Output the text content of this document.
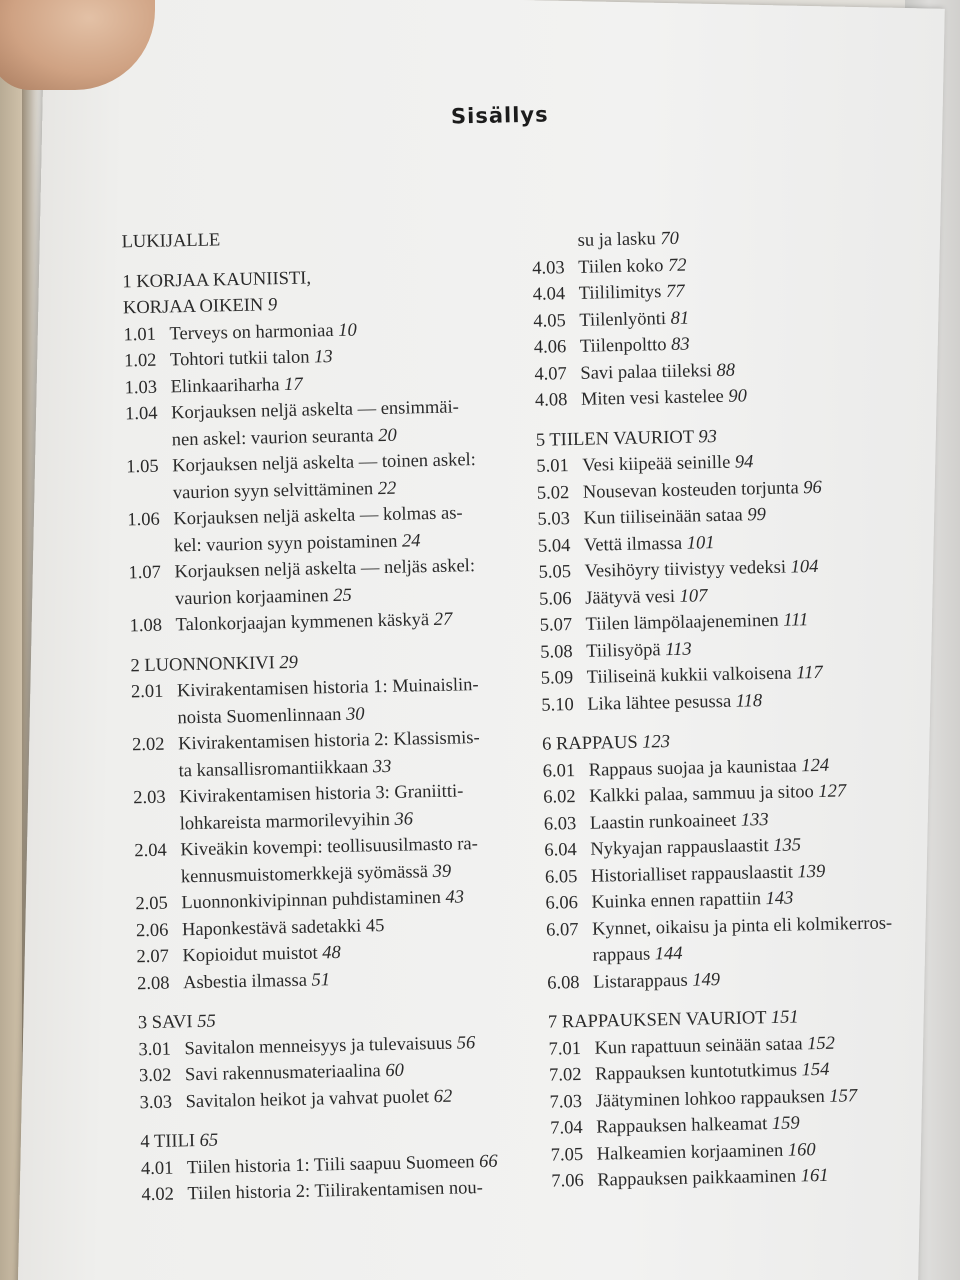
Sisällys
LUKIJALLE
1 KORJAA KAUNIISTI,
KORJAA OIKEIN 9
1.01 Terveys on harmoniaa 10
1.02 Tohtori tutkii talon 13
1.03 Elinkaariharha 17
1.04 Korjauksen neljä askelta — ensimmäi-
nen askel: vaurion seuranta 20
1.05 Korjauksen neljä askelta — toinen askel:
vaurion syyn selvittäminen 22
1.06 Korjauksen neljä askelta — kolmas as-
kel: vaurion syyn poistaminen 24
1.07 Korjauksen neljä askelta — neljäs askel:
vaurion korjaaminen 25
1.08 Talonkorjaajan kymmenen käskyä 27
2 LUONNONKIVI 29
2.01 Kivirakentamisen historia 1: Muinaislin-
noista Suomenlinnaan 30
2.02 Kivirakentamisen historia 2: Klassismis-
ta kansallisromantiikkaan 33
2.03 Kivirakentamisen historia 3: Graniitti-
lohkareista marmorilevyihin 36
2.04 Kiveäkin kovempi: teollisuusilmasto ra-
kennusmuistomerkkejä syömässä 39
2.05 Luonnonkivipinnan puhdistaminen 43
2.06 Haponkestävä sadetakki 45
2.07 Kopioidut muistot 48
2.08 Asbestia ilmassa 51
3 SAVI 55
3.01 Savitalon menneisyys ja tulevaisuus 56
3.02 Savi rakennusmateriaalina 60
3.03 Savitalon heikot ja vahvat puolet 62
4 TIILI 65
4.01 Tiilen historia 1: Tiili saapuu Suomeen 66
4.02 Tiilen historia 2: Tiilirakentamisen nou-
su ja lasku 70
4.03 Tiilen koko 72
4.04 Tiililimitys 77
4.05 Tiilenlyönti 81
4.06 Tiilenpoltto 83
4.07 Savi palaa tiileksi 88
4.08 Miten vesi kastelee 90
5 TIILEN VAURIOT 93
5.01 Vesi kiipeää seinille 94
5.02 Nousevan kosteuden torjunta 96
5.03 Kun tiiliseinään sataa 99
5.04 Vettä ilmassa 101
5.05 Vesihöyry tiivistyy vedeksi 104
5.06 Jäätyvä vesi 107
5.07 Tiilen lämpölaajeneminen 111
5.08 Tiilisyöpä 113
5.09 Tiiliseinä kukkii valkoisena 117
5.10 Lika lähtee pesussa 118
6 RAPPAUS 123
6.01 Rappaus suojaa ja kaunistaa 124
6.02 Kalkki palaa, sammuu ja sitoo 127
6.03 Laastin runkoaineet 133
6.04 Nykyajan rappauslaastit 135
6.05 Historialliset rappauslaastit 139
6.06 Kuinka ennen rapattiin 143
6.07 Kynnet, oikaisu ja pinta eli kolmikerros-
rappaus 144
6.08 Listarappaus 149
7 RAPPAUKSEN VAURIOT 151
7.01 Kun rapattuun seinään sataa 152
7.02 Rappauksen kuntotutkimus 154
7.03 Jäätyminen lohkoo rappauksen 157
7.04 Rappauksen halkeamat 159
7.05 Halkeamien korjaaminen 160
7.06 Rappauksen paikkaaminen 161
